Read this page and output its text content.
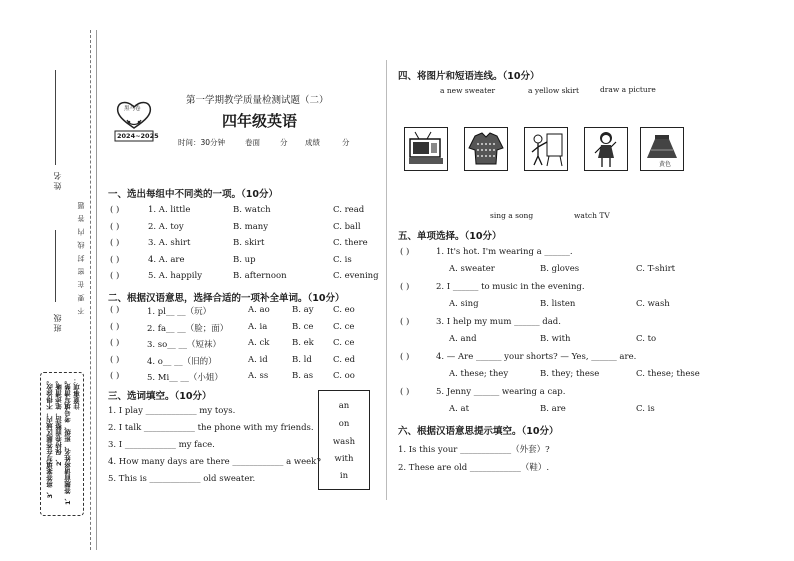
班级
姓名
不 要 在 密 封 线 内 答 题
注意事项：
1、答题前请将姓名、班级、考号填写清楚。
2、保持卷面整洁，笔迹清晰。
3、将答案填写在答题区域内，不得涂改。
黑马卷
2024~2025
第一学期教学质量检测试题（二）
四年级英语
时间：30分钟	卷面	分 成绩	分
一、选出每组中不同类的一项。（10分）
( )	1. A. little	B. watch	C. read
( )	2. A. toy	B. many	C. ball
( )	3. A. shirt	B. skirt	C. there
( )	4. A. are	B. up	C. is
( )	5. A. happily	B. afternoon	C. evening
二、根据汉语意思，选择合适的一项补全单词。（10分）
( )	1. pl__ __（玩）	A. ao	B. ay C. eo
( )	2. fa__ __（脸；面） A. ia	B. ce C. ce
( )	3. so__ __（短袜）	A. ck	B. ek C. ce
( )	4. o__ __（旧的）	A. id	B. ld C. ed
( )	5. Mi__ __（小姐）	A. ss	B. as C. oo
三、选词填空。（10分）
1. I play ____________ my toys.
2. I talk ____________ the phone with my friends.
3. I ____________ my face.
4. How many days are there ____________ a week?
5. This is ____________ old sweater.
an
on
wash
with
in
四、将图片和短语连线。（10分）
a new sweater	a yellow skirt	draw a picture
黄色
sing a song	watch TV
五、单项选择。（10分）
( )	1. It's hot. I'm wearing a ______.
A. sweater	B. gloves	C. T-shirt
( )	2. I ______ to music in the evening.
A. sing	B. listen	C. wash
( )	3. I help my mum ______ dad.
A. and	B. with	C. to
( )	4. — Are ______ your shorts? — Yes, ______ are.
A. these; they	B. they; these	C. these; these
( )	5. Jenny ______ wearing a cap.
A. at	B. are	C. is
六、根据汉语意思提示填空。（10分）
1. Is this your ____________（外套）?
2. These are old ____________（鞋）.
